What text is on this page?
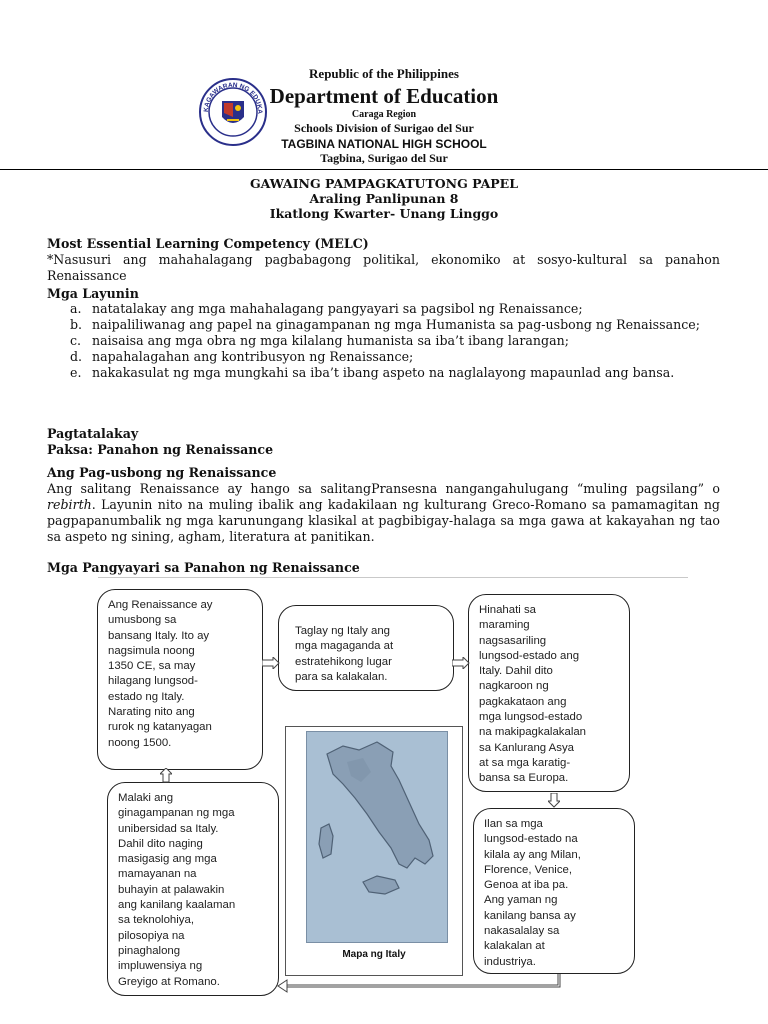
KAGAWARAN NG EDUKA
Republic of the Philippines
Department of Education
Caraga Region
Schools Division of Surigao del Sur
TAGBINA NATIONAL HIGH SCHOOL
Tagbina, Surigao del Sur
GAWAING PAMPAGKATUTONG PAPEL
Araling Panlipunan 8
Ikatlong Kwarter- Unang Linggo
Most Essential Learning Competency (MELC)
*Nasusuri ang mahahalagang pagbabagong politikal, ekonomiko at sosyo-kultural sa panahon Renaissance
Mga Layunin
a. natatalakay ang mga mahahalagang pangyayari sa pagsibol ng Renaissance;
b. naipaliliwanag ang papel na ginagampanan ng mga Humanista sa pag-usbong ng Renaissance;
c. naisaisa ang mga obra ng mga kilalang humanista sa iba’t ibang larangan;
d. napahalagahan ang kontribusyon ng Renaissance;
e. nakakasulat ng mga mungkahi sa iba’t ibang aspeto na naglalayong mapaunlad ang bansa.
Pagtatalakay
Paksa: Panahon ng Renaissance
Ang Pag-usbong ng Renaissance
Ang salitang Renaissance ay hango sa salitangPransesna nangangahulugang “muling pagsilang” o rebirth. Layunin nito na muling ibalik ang kadakilaan ng kulturang Greco-Romano sa pamamagitan ng pagpapanumbalik ng mga karunungang klasikal at pagbibigay-halaga sa mga gawa at kakayahan ng tao sa aspeto ng sining, agham, literatura at panitikan.
Mga Pangyayari sa Panahon ng Renaissance
Ang Renaissance ay
umusbong sa
bansang Italy. Ito ay
nagsimula noong
1350 CE, sa may
hilagang lungsod-
estado ng Italy.
Narating nito ang
rurok ng katanyagan
noong 1500.
Taglay ng Italy ang
mga magaganda at
estratehikong lugar
para sa kalakalan.
Hinahati sa
maraming
nagsasariling
lungsod-estado ang
Italy. Dahil dito
nagkaroon ng
pagkakataon ang
mga lungsod-estado
na makipagkalakalan
sa Kanlurang Asya
at sa mga karatig-
bansa sa Europa.
Malaki ang
ginagampanan ng mga
unibersidad sa Italy.
Dahil dito naging
masigasig ang mga
mamayanan na
buhayin at palawakin
ang kanilang kaalaman
sa teknolohiya,
pilosopiya na
pinaghalong
impluwensiya ng
Greyigo at Romano.
Ilan sa mga
lungsod-estado na
kilala ay ang Milan,
Florence, Venice,
Genoa at iba pa.
Ang yaman ng
kanilang bansa ay
nakasalalay sa
kalakalan at
industriya.
Mapa ng Italy
